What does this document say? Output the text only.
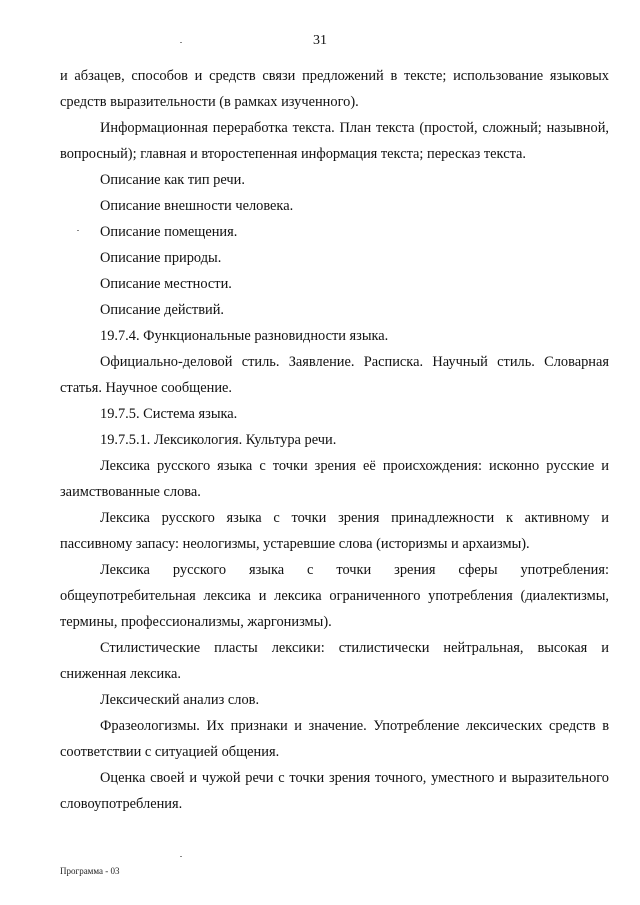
31

и абзацев, способов и средств связи предложений в тексте; использование языковых средств выразительности (в рамках изученного).

Информационная переработка текста. План текста (простой, сложный; назывной, вопросный); главная и второстепенная информация текста; пересказ текста.

Описание как тип речи.

Описание внешности человека.

Описание помещения.

Описание природы.

Описание местности.

Описание действий.

19.7.4. Функциональные разновидности языка.

Официально-деловой стиль. Заявление. Расписка. Научный стиль. Словарная статья. Научное сообщение.

19.7.5. Система языка.

19.7.5.1. Лексикология. Культура речи.

Лексика русского языка с точки зрения её происхождения: исконно русские и заимствованные слова.

Лексика русского языка с точки зрения принадлежности к активному и пассивному запасу: неологизмы, устаревшие слова (историзмы и архаизмы).

Лексика русского языка с точки зрения сферы употребления: общеупотребительная лексика и лексика ограниченного употребления (диалектизмы, термины, профессионализмы, жаргонизмы).

Стилистические пласты лексики: стилистически нейтральная, высокая и сниженная лексика.

Лексический анализ слов.

Фразеологизмы. Их признаки и значение. Употребление лексических средств в соответствии с ситуацией общения.

Оценка своей и чужой речи с точки зрения точного, уместного и выразительного словоупотребления.

Программа - 03
